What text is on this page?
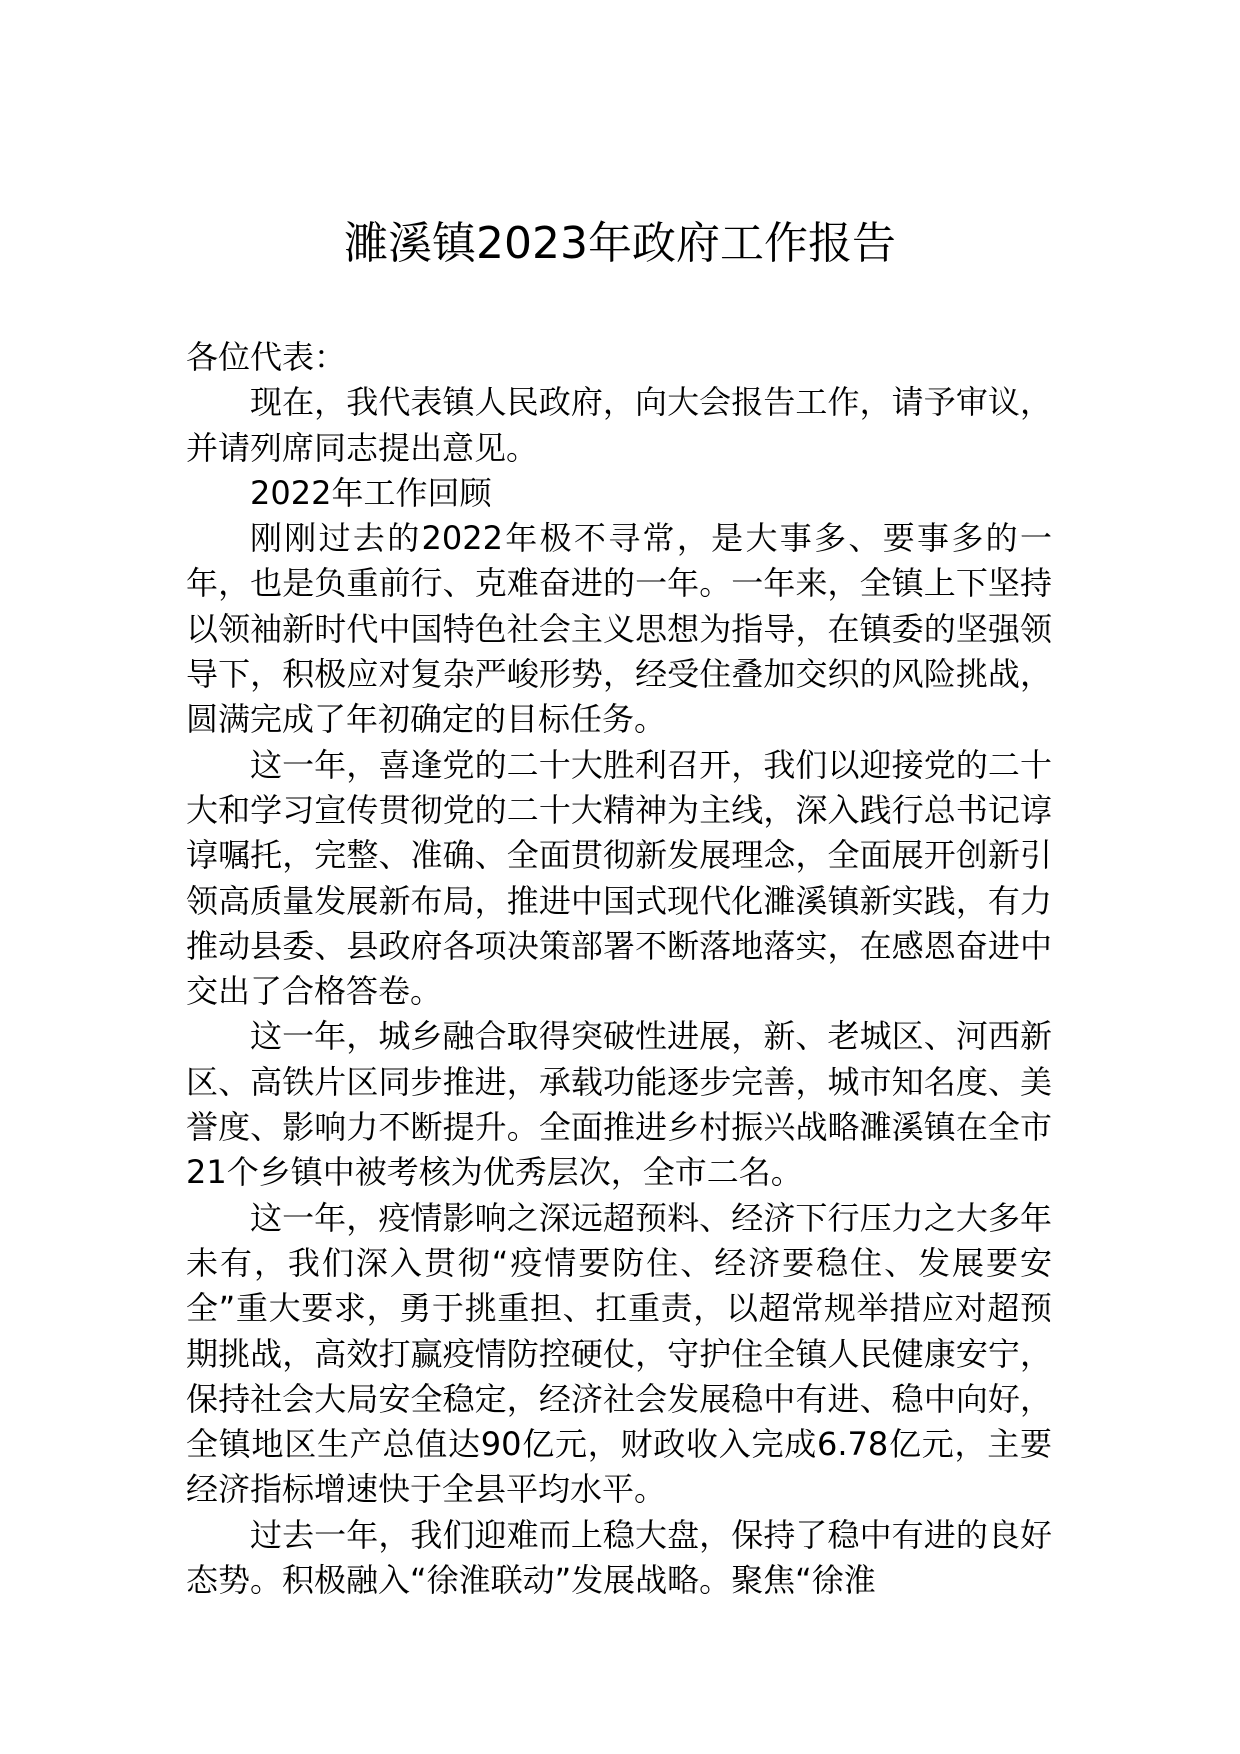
濉溪镇2023年政府工作报告

各位代表：

现在，我代表镇人民政府，向大会报告工作，请予审议，并请列席同志提出意见。

2022年工作回顾

刚刚过去的2022年极不寻常，是大事多、要事多的一年，也是负重前行、克难奋进的一年。一年来，全镇上下坚持以领袖新时代中国特色社会主义思想为指导，在镇委的坚强领导下，积极应对复杂严峻形势，经受住叠加交织的风险挑战，圆满完成了年初确定的目标任务。

这一年，喜逢党的二十大胜利召开，我们以迎接党的二十大和学习宣传贯彻党的二十大精神为主线，深入践行总书记谆谆嘱托，完整、准确、全面贯彻新发展理念，全面展开创新引领高质量发展新布局，推进中国式现代化濉溪镇新实践，有力推动县委、县政府各项决策部署不断落地落实，在感恩奋进中交出了合格答卷。

这一年，城乡融合取得突破性进展，新、老城区、河西新区、高铁片区同步推进，承载功能逐步完善，城市知名度、美誉度、影响力不断提升。全面推进乡村振兴战略濉溪镇在全市21个乡镇中被考核为优秀层次，全市二名。

这一年，疫情影响之深远超预料、经济下行压力之大多年未有，我们深入贯彻“疫情要防住、经济要稳住、发展要安全”重大要求，勇于挑重担、扛重责，以超常规举措应对超预期挑战，高效打赢疫情防控硬仗，守护住全镇人民健康安宁，保持社会大局安全稳定，经济社会发展稳中有进、稳中向好，全镇地区生产总值达90亿元，财政收入完成6.78亿元，主要经济指标增速快于全县平均水平。

过去一年，我们迎难而上稳大盘，保持了稳中有进的良好态势。积极融入“徐淮联动”发展战略。聚焦“徐淮
